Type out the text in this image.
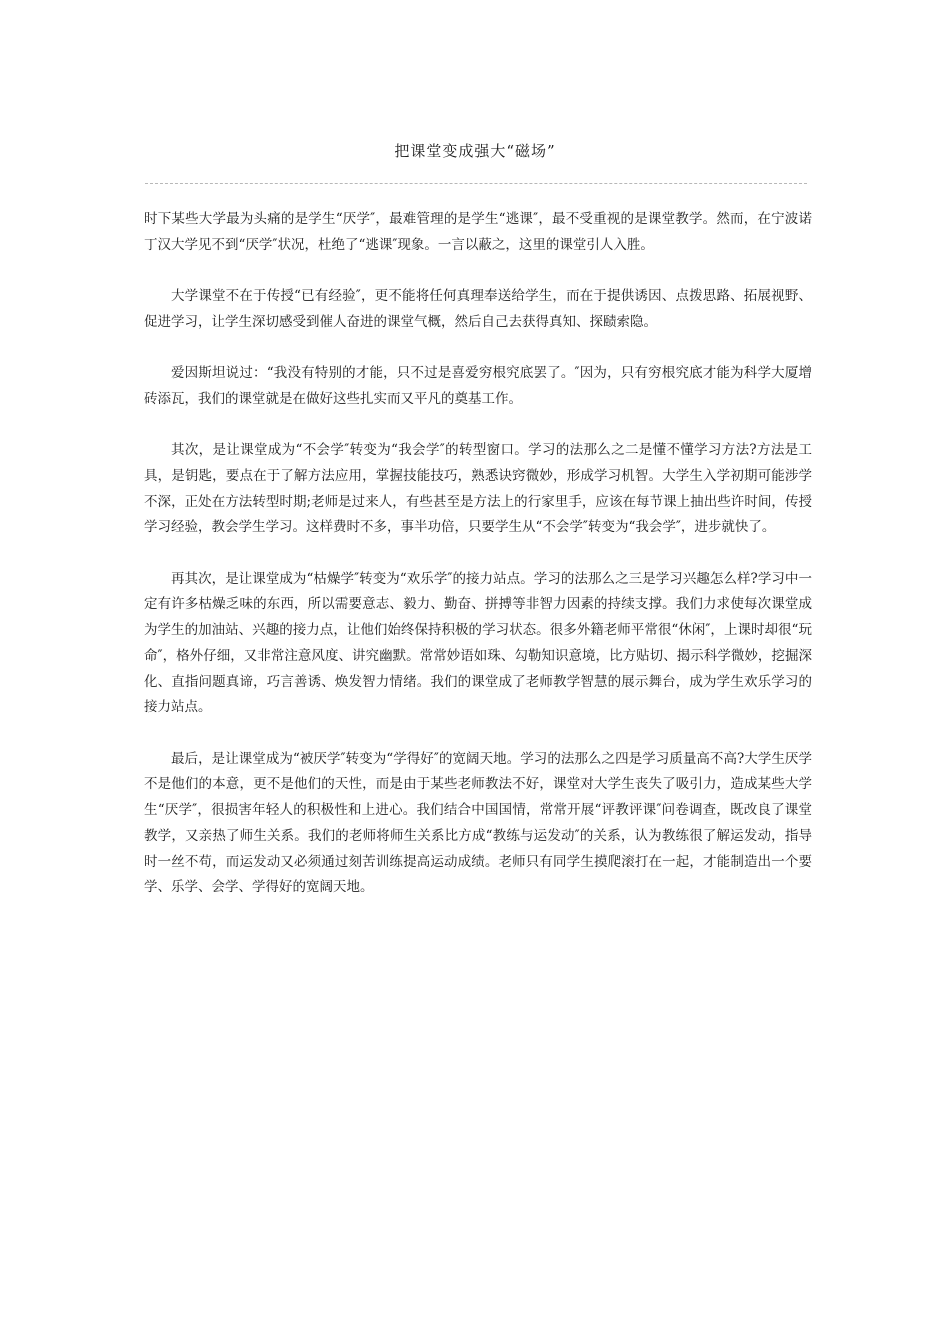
把课堂变成强大“磁场”

时下某些大学最为头痛的是学生“厌学″，最难管理的是学生“逃课″，最不受重视的是课堂教学。然而，在宁波诺丁汉大学见不到“厌学″状况，杜绝了“逃课″现象。一言以蔽之，这里的课堂引人入胜。

大学课堂不在于传授“已有经验″，更不能将任何真理奉送给学生，而在于提供诱因、点拨思路、拓展视野、促进学习，让学生深切感受到催人奋进的课堂气概，然后自己去获得真知、探赜索隐。

爱因斯坦说过：“我没有特别的才能，只不过是喜爱穷根究底罢了。″因为，只有穷根究底才能为科学大厦增砖添瓦，我们的课堂就是在做好这些扎实而又平凡的奠基工作。

其次，是让课堂成为“不会学″转变为“我会学″的转型窗口。学习的法那么之二是懂不懂学习方法?方法是工具，是钥匙，要点在于了解方法应用，掌握技能技巧，熟悉诀窍微妙，形成学习机智。大学生入学初期可能涉学不深，正处在方法转型时期;老师是过来人，有些甚至是方法上的行家里手，应该在每节课上抽出些许时间，传授学习经验，教会学生学习。这样费时不多，事半功倍，只要学生从“不会学″转变为“我会学″，进步就快了。

再其次，是让课堂成为“枯燥学″转变为“欢乐学″的接力站点。学习的法那么之三是学习兴趣怎么样?学习中一定有许多枯燥乏味的东西，所以需要意志、毅力、勤奋、拼搏等非智力因素的持续支撑。我们力求使每次课堂成为学生的加油站、兴趣的接力点，让他们始终保持积极的学习状态。很多外籍老师平常很“休闲″，上课时却很“玩命″，格外仔细，又非常注意风度、讲究幽默。常常妙语如珠、勾勒知识意境，比方贴切、揭示科学微妙，挖掘深化、直指问题真谛，巧言善诱、焕发智力情绪。我们的课堂成了老师教学智慧的展示舞台，成为学生欢乐学习的接力站点。

最后，是让课堂成为“被厌学″转变为“学得好″的宽阔天地。学习的法那么之四是学习质量高不高?大学生厌学不是他们的本意，更不是他们的天性，而是由于某些老师教法不好，课堂对大学生丧失了吸引力，造成某些大学生“厌学″，很损害年轻人的积极性和上进心。我们结合中国国情，常常开展“评教评课″问卷调查，既改良了课堂教学，又亲热了师生关系。我们的老师将师生关系比方成“教练与运发动″的关系，认为教练很了解运发动，指导时一丝不苟，而运发动又必须通过刻苦训练提高运动成绩。老师只有同学生摸爬滚打在一起，才能制造出一个要学、乐学、会学、学得好的宽阔天地。
